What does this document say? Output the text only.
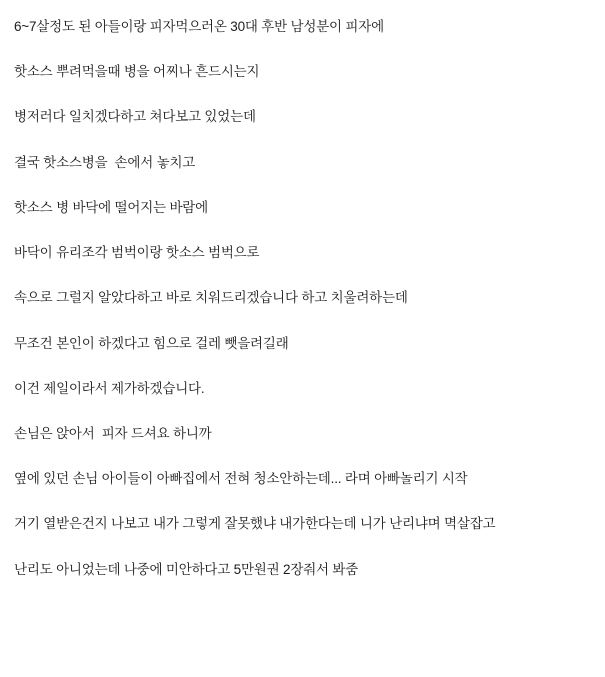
6~7살정도 된 아들이랑 피자먹으러온 30대 후반 남성분이 피자에

핫소스 뿌려먹을때 병을 어찌나 흔드시는지

병저러다 일치겠다하고 쳐다보고 있었는데

결국 핫소스병을  손에서 놓치고

핫소스 병 바닥에 떨어지는 바람에

바닥이 유리조각 범벅이랑 핫소스 범벅으로

속으로 그럴지 알았다하고 바로 치워드리겠습니다 하고 치울려하는데

무조건 본인이 하겠다고 힘으로 걸레 뺏을려길래

이건 제일이라서 제가하겠습니다.

손님은 앉아서  피자 드셔요 하니까

옆에 있던 손님 아이들이 아빠집에서 전혀 청소안하는데... 라며 아빠놀리기 시작

거기 열받은건지 나보고 내가 그렇게 잘못했냐 내가한다는데 니가 난리냐며 멱살잡고

난리도 아니었는데 나중에 미안하다고 5만원권 2장줘서 봐줌
